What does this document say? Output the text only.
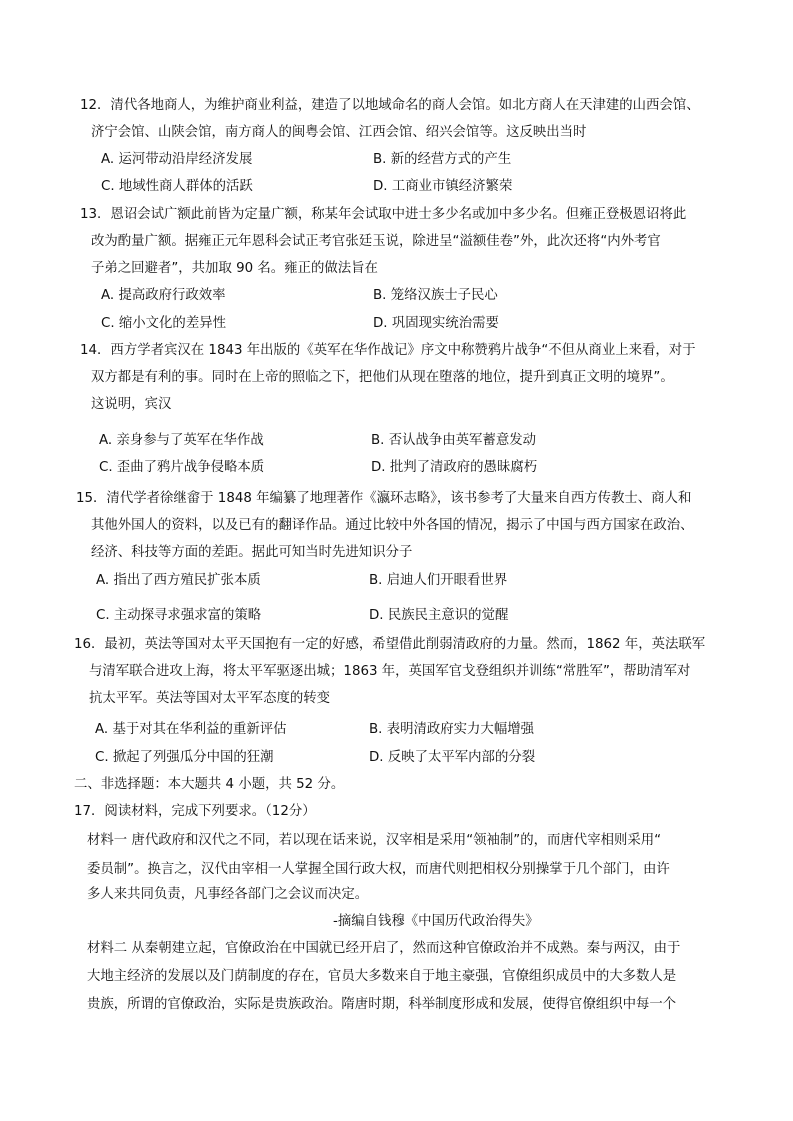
12．清代各地商人，为维护商业利益，建造了以地域命名的商人会馆。如北方商人在天津建的山西会馆、
济宁会馆、山陕会馆，南方商人的闽粤会馆、江西会馆、绍兴会馆等。这反映出当时
A. 运河带动沿岸经济发展	B. 新的经营方式的产生
C. 地域性商人群体的活跃	D. 工商业市镇经济繁荣
13．恩诏会试广额此前皆为定量广额，称某年会试取中进士多少名或加中多少名。但雍正登极恩诏将此
改为酌量广额。据雍正元年恩科会试正考官张廷玉说，除进呈“溢额佳卷”外，此次还将“内外考官
子弟之回避者”，共加取 90 名。雍正的做法旨在
A. 提高政府行政效率	B. 笼络汉族士子民心
C. 缩小文化的差异性	D. 巩固现实统治需要
14．西方学者宾汉在 1843 年出版的《英军在华作战记》序文中称赞鸦片战争“不但从商业上来看，对于
双方都是有利的事。同时在上帝的照临之下，把他们从现在堕落的地位，提升到真正文明的境界”。
这说明，宾汉
A. 亲身参与了英军在华作战	B. 否认战争由英军蓄意发动
C. 歪曲了鸦片战争侵略本质	D. 批判了清政府的愚昧腐朽
15．清代学者徐继畲于 1848 年编纂了地理著作《瀛环志略》，该书参考了大量来自西方传教士、商人和
其他外国人的资料，以及已有的翻译作品。通过比较中外各国的情况，揭示了中国与西方国家在政治、
经济、科技等方面的差距。据此可知当时先进知识分子
A. 指出了西方殖民扩张本质	B. 启迪人们开眼看世界
C. 主动探寻求强求富的策略	D. 民族民主意识的觉醒
16．最初，英法等国对太平天国抱有一定的好感，希望借此削弱清政府的力量。然而，1862 年，英法联军
与清军联合进攻上海，将太平军驱逐出城；1863 年，英国军官戈登组织并训练“常胜军”，帮助清军对
抗太平军。英法等国对太平军态度的转变
A. 基于对其在华利益的重新评估	B. 表明清政府实力大幅增强
C. 掀起了列强瓜分中国的狂潮	D. 反映了太平军内部的分裂
二、非选择题：本大题共 4 小题，共 52 分。
17．阅读材料，完成下列要求。（12分）
材料一 唐代政府和汉代之不同，若以现在话来说，汉宰相是采用“领袖制”的，而唐代宰相则采用“
委员制”。换言之，汉代由宰相一人掌握全国行政大权，而唐代则把相权分别操掌于几个部门，由许
多人来共同负责，凡事经各部门之会议而决定。
-摘编自钱穆《中国历代政治得失》
材料二 从秦朝建立起，官僚政治在中国就已经开启了，然而这种官僚政治并不成熟。秦与两汉，由于
大地主经济的发展以及门荫制度的存在，官员大多数来自于地主豪强，官僚组织成员中的大多数人是
贵族，所谓的官僚政治，实际是贵族政治。隋唐时期，科举制度形成和发展，使得官僚组织中每一个
